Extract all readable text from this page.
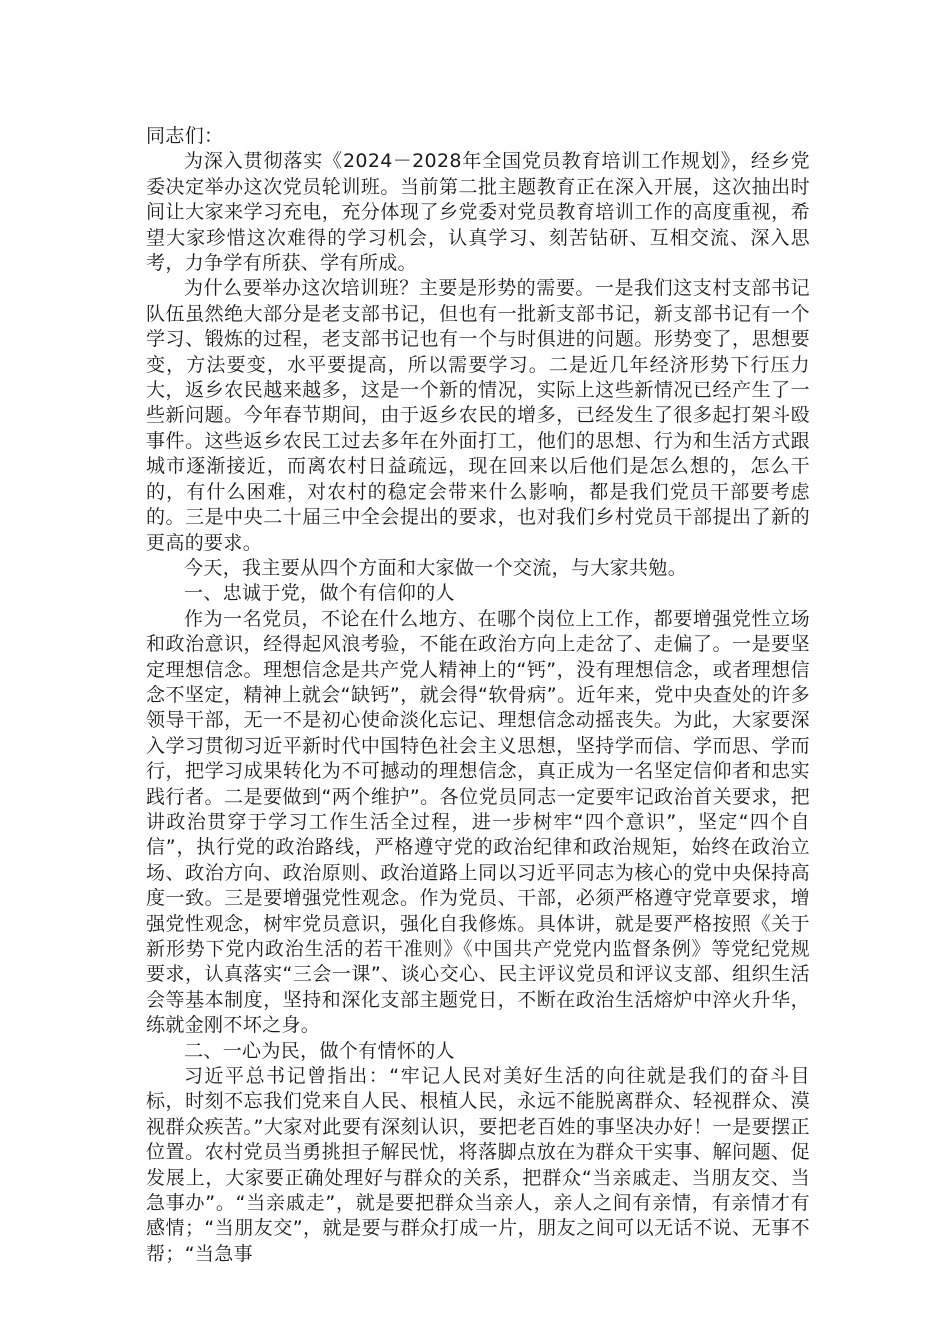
同志们：

为深入贯彻落实《2024－2028年全国党员教育培训工作规划》，经乡党委决定举办这次党员轮训班。当前第二批主题教育正在深入开展，这次抽出时间让大家来学习充电，充分体现了乡党委对党员教育培训工作的高度重视，希望大家珍惜这次难得的学习机会，认真学习、刻苦钻研、互相交流、深入思考，力争学有所获、学有所成。

为什么要举办这次培训班？主要是形势的需要。一是我们这支村支部书记队伍虽然绝大部分是老支部书记，但也有一批新支部书记，新支部书记有一个学习、锻炼的过程，老支部书记也有一个与时俱进的问题。形势变了，思想要变，方法要变，水平要提高，所以需要学习。二是近几年经济形势下行压力大，返乡农民越来越多，这是一个新的情况，实际上这些新情况已经产生了一些新问题。今年春节期间，由于返乡农民的增多，已经发生了很多起打架斗殴事件。这些返乡农民工过去多年在外面打工，他们的思想、行为和生活方式跟城市逐渐接近，而离农村日益疏远，现在回来以后他们是怎么想的，怎么干的，有什么困难，对农村的稳定会带来什么影响，都是我们党员干部要考虑的。三是中央二十届三中全会提出的要求，也对我们乡村党员干部提出了新的更高的要求。

今天，我主要从四个方面和大家做一个交流，与大家共勉。

一、忠诚于党，做个有信仰的人

作为一名党员，不论在什么地方、在哪个岗位上工作，都要增强党性立场和政治意识，经得起风浪考验，不能在政治方向上走岔了、走偏了。一是要坚定理想信念。理想信念是共产党人精神上的“钙”，没有理想信念，或者理想信念不坚定，精神上就会“缺钙”，就会得“软骨病”。近年来，党中央查处的许多领导干部，无一不是初心使命淡化忘记、理想信念动摇丧失。为此，大家要深入学习贯彻习近平新时代中国特色社会主义思想，坚持学而信、学而思、学而行，把学习成果转化为不可撼动的理想信念，真正成为一名坚定信仰者和忠实践行者。二是要做到“两个维护”。各位党员同志一定要牢记政治首关要求，把讲政治贯穿于学习工作生活全过程，进一步树牢“四个意识”，坚定“四个自信”，执行党的政治路线，严格遵守党的政治纪律和政治规矩，始终在政治立场、政治方向、政治原则、政治道路上同以习近平同志为核心的党中央保持高度一致。三是要增强党性观念。作为党员、干部，必须严格遵守党章要求，增强党性观念，树牢党员意识，强化自我修炼。具体讲，就是要严格按照《关于新形势下党内政治生活的若干准则》《中国共产党党内监督条例》等党纪党规要求，认真落实“三会一课”、谈心交心、民主评议党员和评议支部、组织生活会等基本制度，坚持和深化支部主题党日，不断在政治生活熔炉中淬火升华，练就金刚不坏之身。

二、一心为民，做个有情怀的人

习近平总书记曾指出：“牢记人民对美好生活的向往就是我们的奋斗目标，时刻不忘我们党来自人民、根植人民，永远不能脱离群众、轻视群众、漠视群众疾苦。”大家对此要有深刻认识，要把老百姓的事坚决办好！一是要摆正位置。农村党员当勇挑担子解民忧，将落脚点放在为群众干实事、解问题、促发展上，大家要正确处理好与群众的关系，把群众“当亲戚走、当朋友交、当急事办”。“当亲戚走”，就是要把群众当亲人，亲人之间有亲情，有亲情才有感情；“当朋友交”，就是要与群众打成一片，朋友之间可以无话不说、无事不帮；“当急事
